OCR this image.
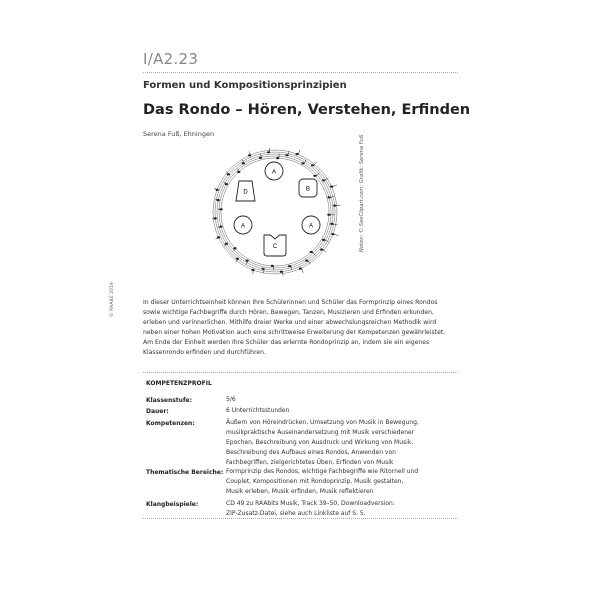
I/A2.23
Formen und Kompositionsprinzipien
Das Rondo – Hören, Verstehen, Erfinden
Serena Fuß, Ehningen
A
B
A
C
A
D	Noten: © SeeClipart.com; Grafik: Serena Fuß
© RAABE 2019	In dieser Unterrichtseinheit können Ihre Schülerinnen und Schüler das Formprinzip eines Rondos
sowie wichtige Fachbegriffe durch Hören, Bewegen, Tanzen, Musizieren und Erfinden erkunden,
erleben und verinnerlichen. Mithilfe dreier Werke und einer abwechslungsreichen Methodik wird
neben einer hohen Motivation auch eine schrittweise Erweiterung der Kompetenzen gewährleistet.
Am Ende der Einheit werden Ihre Schüler das erlernte Rondoprinzip an, indem sie ein eigenes
Klassenrondo erfinden und durchführen.
KOMPETENZPROFIL
Klassenstufe:	5/6
Dauer:	6 Unterrichtsstunden
Kompetenzen:	Äußern von Höreindrücken, Umsetzung von Musik in Bewegung,
musikpraktische Auseinandersetzung mit Musik verschiedener
Epochen, Beschreibung von Ausdruck und Wirkung von Musik,
Beschreibung des Aufbaus eines Rondos, Anwenden von
Fachbegriffen, zielgerichtetes Üben, Erfinden von Musik
Thematische Bereiche: Formprinzip des Rondos, wichtige Fachbegriffe wie Ritornell und
Couplet, Kompositionen mit Rondoprinzip, Musik gestalten,
Musik erleben, Musik erfinden, Musik reflektieren
Klangbeispiele:	CD 49 zu RAAbits Musik, Track 39–50, Downloadversion:
ZIP-Zusatz-Datei, siehe auch Linkliste auf S. 5.
